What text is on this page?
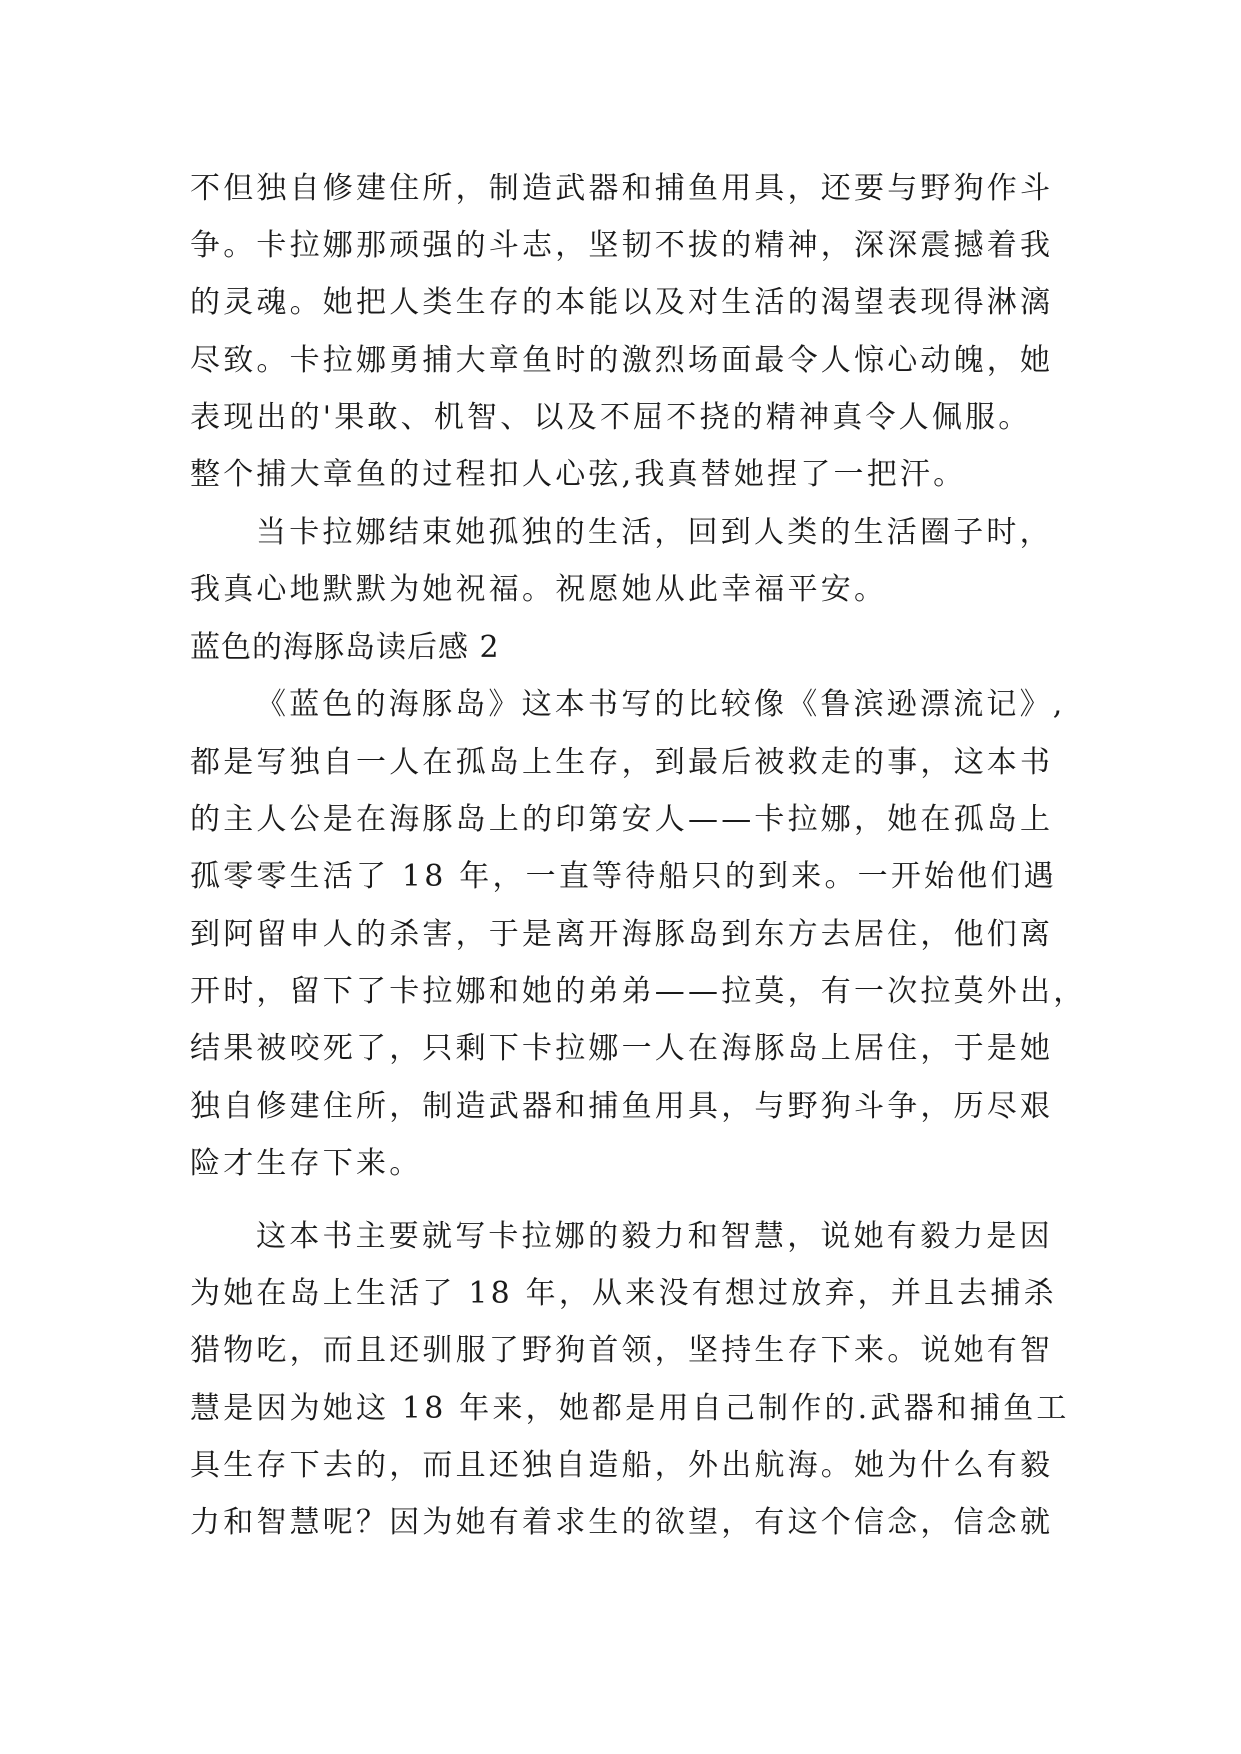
不但独自修建住所，制造武器和捕鱼用具，还要与野狗作斗
争。卡拉娜那顽强的斗志，坚韧不拔的精神，深深震撼着我
的灵魂。她把人类生存的本能以及对生活的渴望表现得淋漓
尽致。卡拉娜勇捕大章鱼时的激烈场面最令人惊心动魄，她
表现出的'果敢、机智、以及不屈不挠的精神真令人佩服。
整个捕大章鱼的过程扣人心弦,我真替她捏了一把汗。
当卡拉娜结束她孤独的生活，回到人类的生活圈子时，
我真心地默默为她祝福。祝愿她从此幸福平安。
蓝色的海豚岛读后感 2
《蓝色的海豚岛》这本书写的比较像《鲁滨逊漂流记》,
都是写独自一人在孤岛上生存，到最后被救走的事，这本书
的主人公是在海豚岛上的印第安人——卡拉娜，她在孤岛上
孤零零生活了 18 年，一直等待船只的到来。一开始他们遇
到阿留申人的杀害，于是离开海豚岛到东方去居住，他们离
开时，留下了卡拉娜和她的弟弟——拉莫，有一次拉莫外出，
结果被咬死了，只剩下卡拉娜一人在海豚岛上居住，于是她
独自修建住所，制造武器和捕鱼用具，与野狗斗争，历尽艰
险才生存下来。
这本书主要就写卡拉娜的毅力和智慧，说她有毅力是因
为她在岛上生活了 18 年，从来没有想过放弃，并且去捕杀
猎物吃，而且还驯服了野狗首领，坚持生存下来。说她有智
慧是因为她这 18 年来，她都是用自己制作的.武器和捕鱼工
具生存下去的，而且还独自造船，外出航海。她为什么有毅
力和智慧呢？因为她有着求生的欲望，有这个信念，信念就
